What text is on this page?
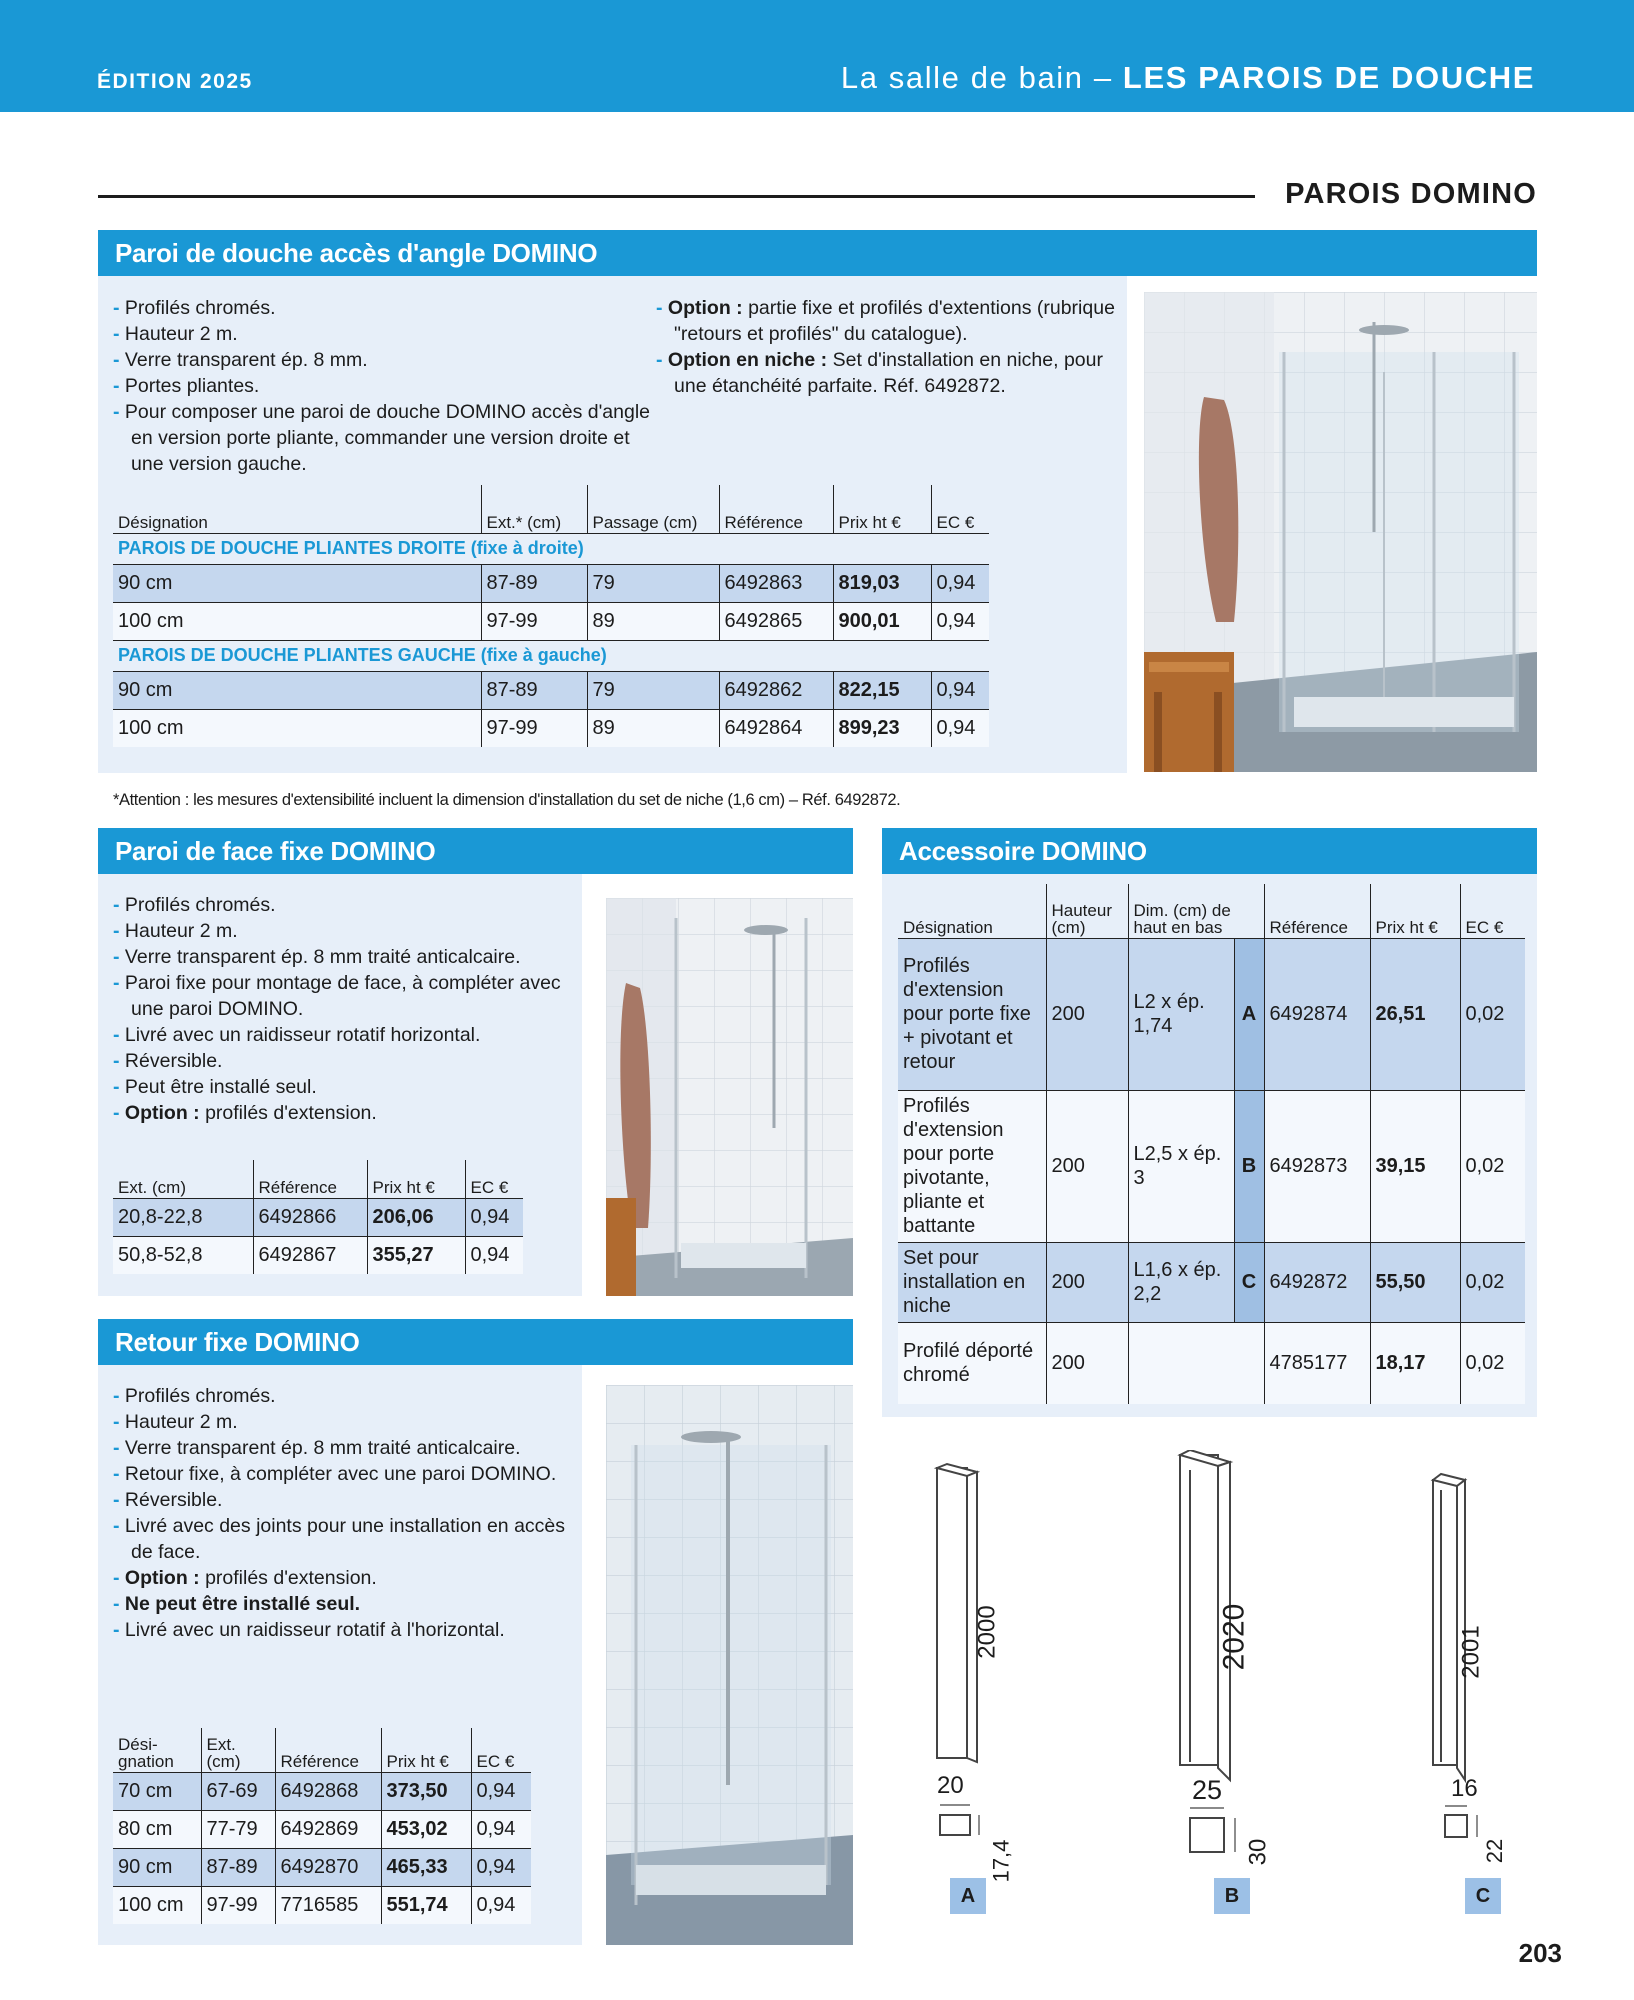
ÉDITION 2025	La salle de bain – LES PAROIS DE DOUCHE
PAROIS DOMINO
Paroi de douche accès d'angle DOMINO
- Profilés chromés.
- Hauteur 2 m.
- Verre transparent ép. 8 mm.
- Portes pliantes.
- Pour composer une paroi de douche DOMINO accès d'angle en version porte pliante, commander une version droite et une version gauche.
- Option : partie fixe et profilés d'extentions (rubrique "retours et profilés" du catalogue).
- Option en niche : Set d'installation en niche, pour une étanchéité parfaite. Réf. 6492872.
Désignation	Ext.* (cm)	Passage (cm)	Référence	Prix ht €	EC €
PAROIS DE DOUCHE PLIANTES DROITE (fixe à droite)					
90 cm	87-89	79	6492863	819,03	0,94
100 cm	97-99	89	6492865	900,01	0,94
PAROIS DE DOUCHE PLIANTES GAUCHE (fixe à gauche)					
90 cm	87-89	79	6492862	822,15	0,94
100 cm	97-99	89	6492864	899,23	0,94
*Attention : les mesures d'extensibilité incluent la dimension d'installation du set de niche (1,6 cm) – Réf. 6492872.
Paroi de face fixe DOMINO
- Profilés chromés.
- Hauteur 2 m.
- Verre transparent ép. 8 mm traité anticalcaire.
- Paroi fixe pour montage de face, à compléter avec une paroi DOMINO.
- Livré avec un raidisseur rotatif horizontal.
- Réversible.
- Peut être installé seul.
- Option : profilés d'extension.
Ext. (cm)	Référence	Prix ht €	EC €
20,8-22,8	6492866	206,06	0,94
50,8-52,8	6492867	355,27	0,94
Retour fixe DOMINO
- Profilés chromés.
- Hauteur 2 m.
- Verre transparent ép. 8 mm traité anticalcaire.
- Retour fixe, à compléter avec une paroi DOMINO.
- Réversible.
- Livré avec des joints pour une installation en accès de face.
- Option : profilés d'extension.
- Ne peut être installé seul.
- Livré avec un raidisseur rotatif à l'horizontal.
Dési-gnation	Ext. (cm)	Référence	Prix ht €	EC €
70 cm	67-69	6492868	373,50	0,94
80 cm	77-79	6492869	453,02	0,94
90 cm	87-89	6492870	465,33	0,94
100 cm	97-99	7716585	551,74	0,94
Accessoire DOMINO
Désignation	Hauteur (cm)	Dim. (cm) de haut en bas		Référence	Prix ht €	EC €
Profilés d'extension pour porte fixe + pivotant et retour	200	L2 x ép. 1,74	A	6492874	26,51	0,02
Profilés d'extension pour porte pivotante, pliante et battante	200	L2,5 x ép. 3	B	6492873	39,15	0,02
Set pour installation en niche	200	L1,6 x ép. 2,2	C	6492872	55,50	0,02
Profilé déporté chromé	200			4785177	18,17	0,02
2000
20
17,4
2020
25
30
2001
16
22
A	B	C
203
